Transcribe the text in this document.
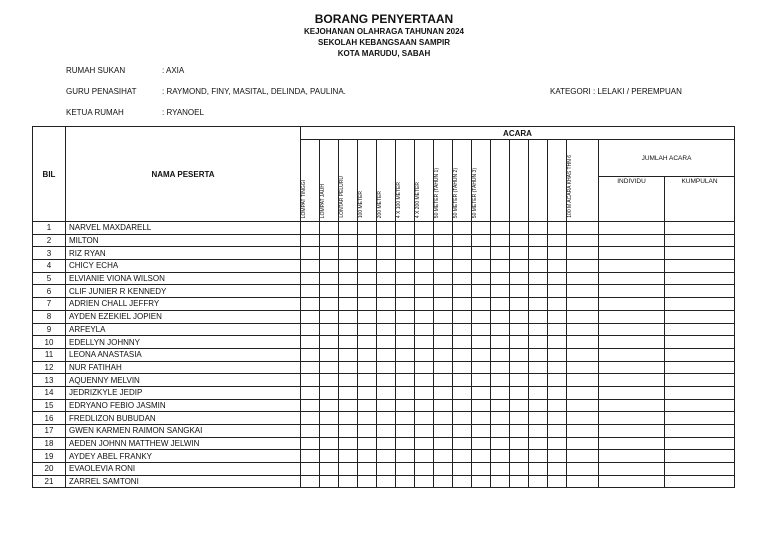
BORANG PENYERTAAN
KEJOHANAN OLAHRAGA TAHUNAN 2024
SEKOLAH KEBANGSAAN SAMPIR
KOTA MARUDU, SABAH
RUMAH SUKAN	: AXIA
GURU PENASIHAT	: RAYMOND, FINY, MASITAL, DELINDA, PAULINA.	KATEGORI : LELAKI / PEREMPUAN
KETUA RUMAH	: RYANOEL
BIL	NAMA PESERTA	ACARA																

		LOMPAT TINGGI	LOMPAT JAUH	LONTAR PELURU	100 METER	200 METER	4 X 100 METER	4 X 200 METER	50 METER (TAHUN 1)	50 METER (TAHUN 2)	50 METER (TAHUN 3)					100 M ACARA KHAS THN 6	JUMLAH ACARA	
																	INDIVIDU	KUMPULAN
1	NARVEL MAXDARELL																	
2	MILTON																	
3	RIZ RYAN																	
4	CHICY ECHA																	
5	ELVIANIE VIONA WILSON																	
6	CLIF JUNIER R KENNEDY																	
7	ADRIEN CHALL JEFFRY																	
8	AYDEN EZEKIEL JOPIEN																	
9	ARFEYLA																	
10	EDELLYN JOHNNY																	
11	LEONA ANASTASIA																	
12	NUR FATIHAH																	
13	AQUENNY MELVIN																	
14	JEDRIZKYLE JEDIP																	
15	EDRYANO FEBIO JASMIN																	
16	FREDLIZON BUBUDAN																	
17	GWEN KARMEN RAIMON SANGKAI																	
18	AEDEN JOHNN MATTHEW JELWIN																	
19	AYDEY ABEL FRANKY																	
20	EVAOLEVIA RONI																	
21	ZARREL SAMTONI																	
